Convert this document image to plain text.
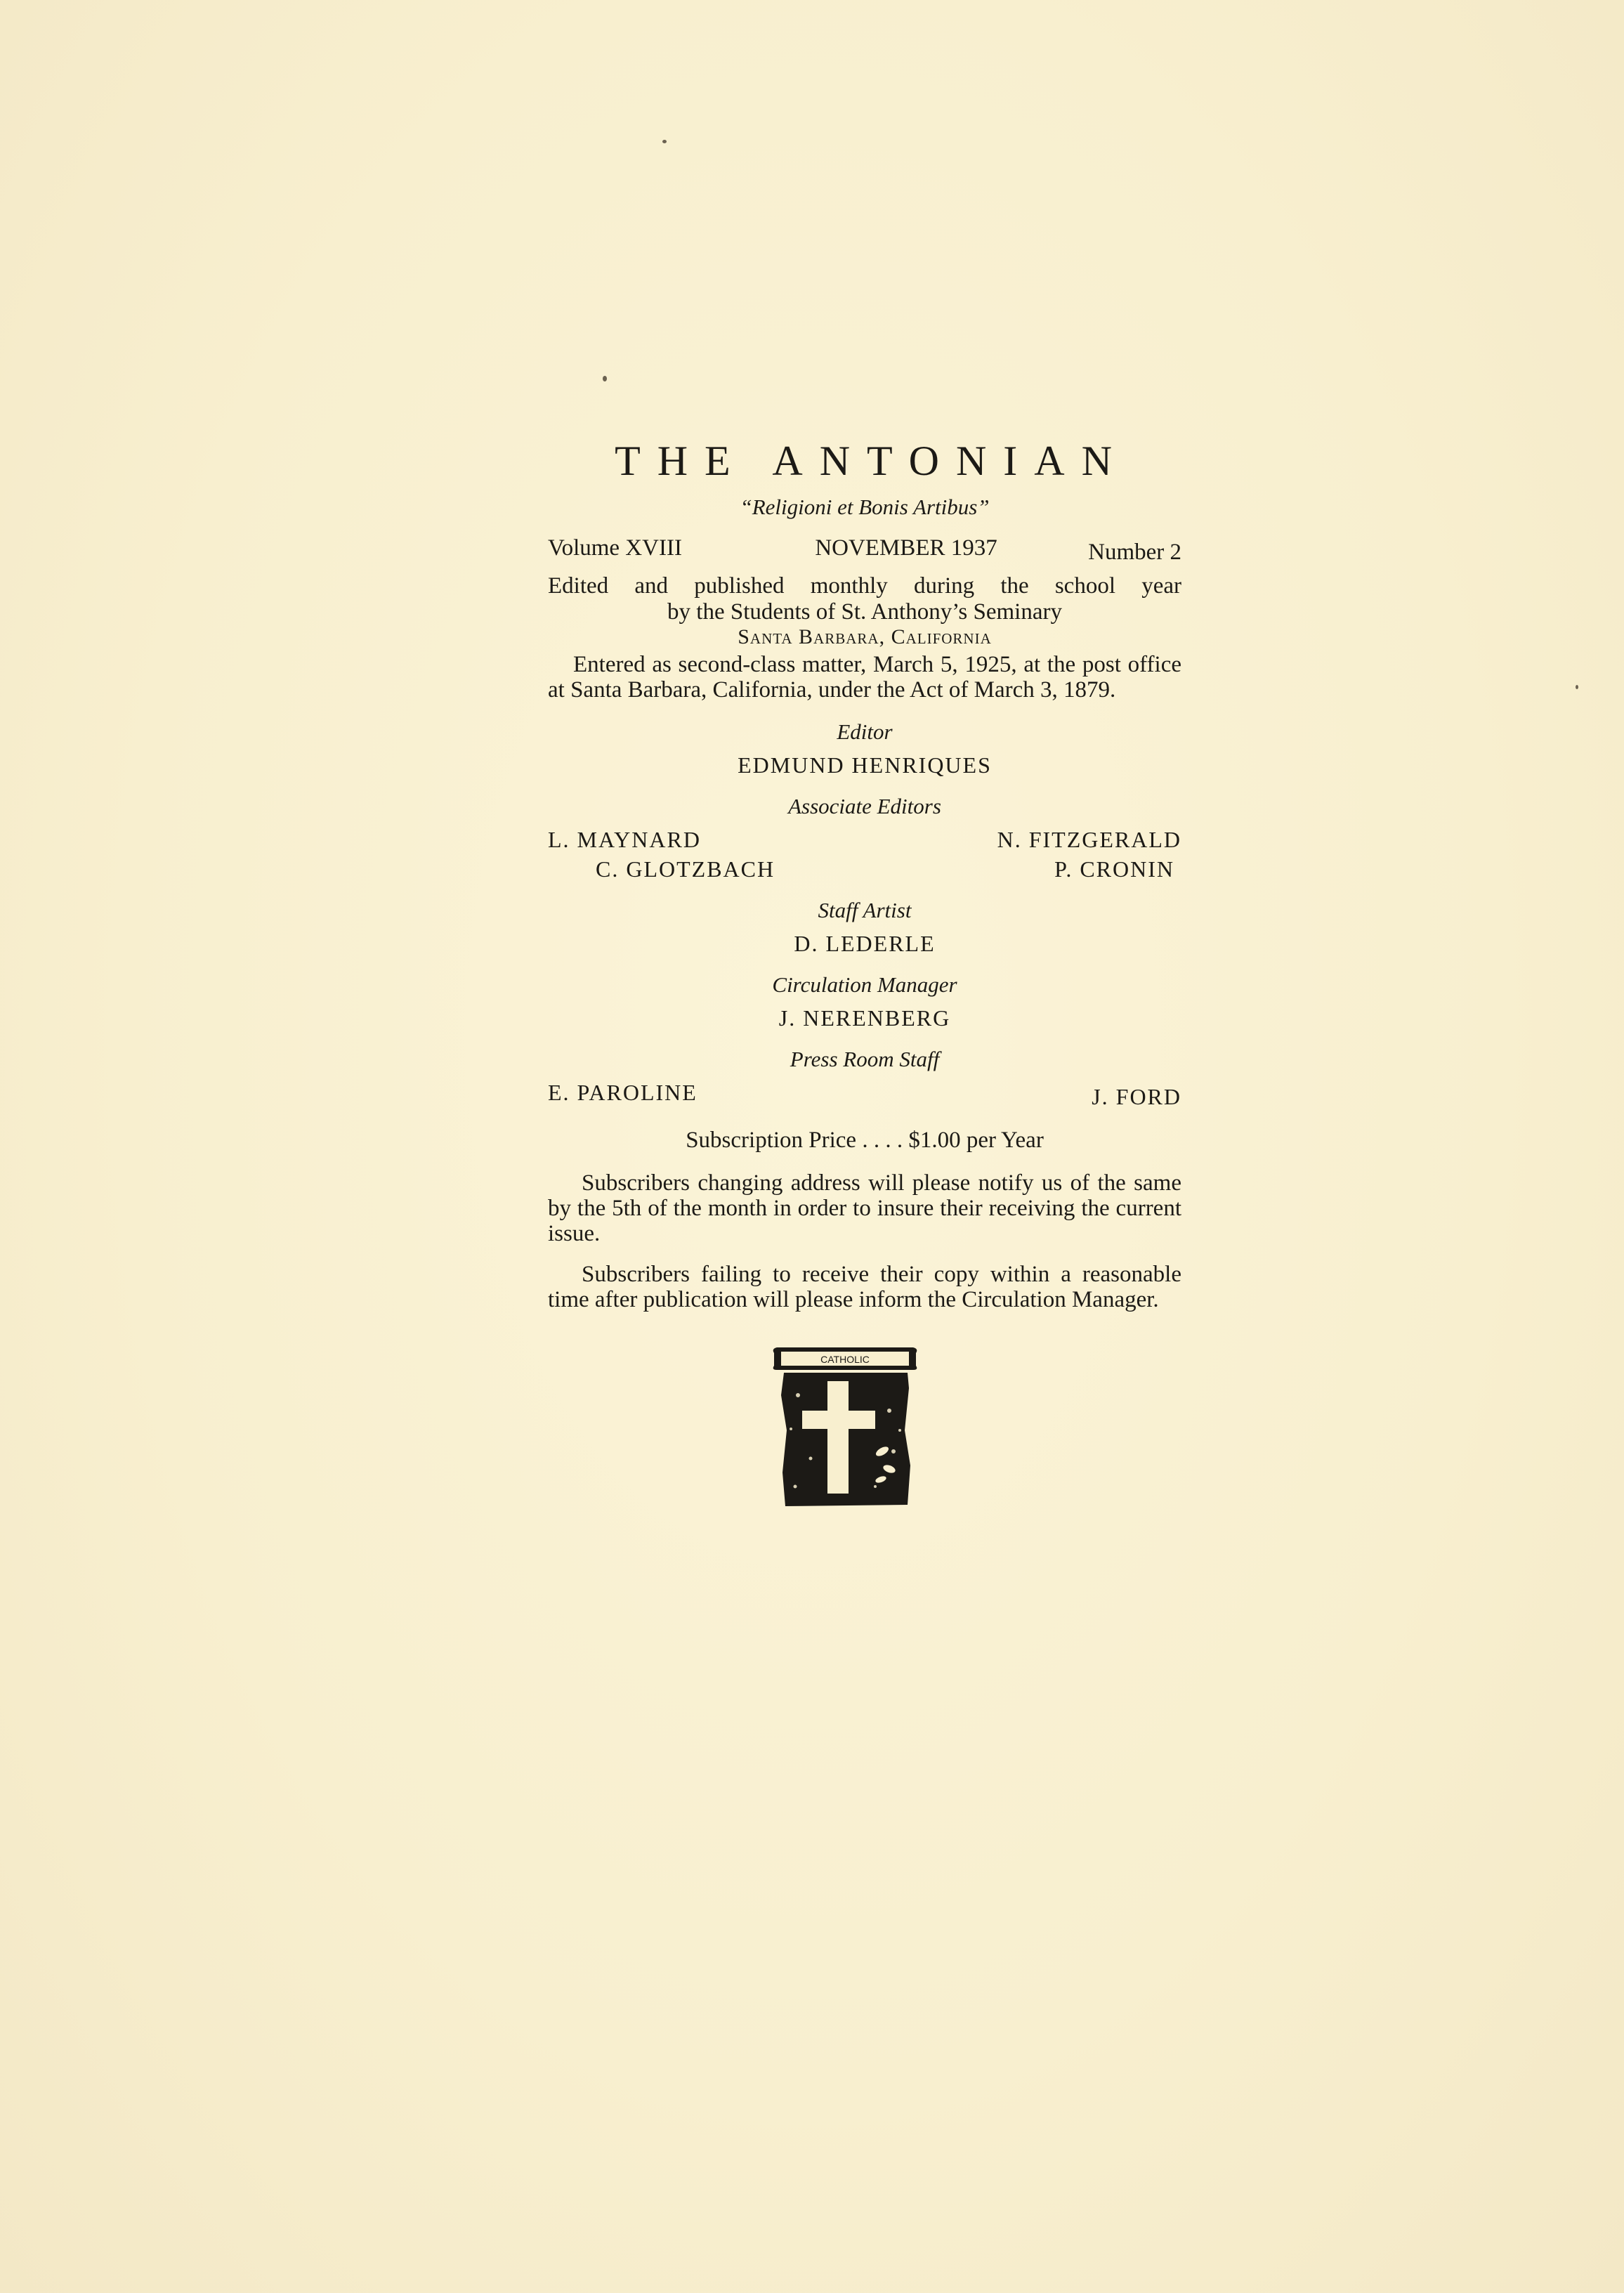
THE ANTONIAN
“Religioni et Bonis Artibus”
Volume XVIII	NOVEMBER 1937	Number 2
Edited and published monthly during the school year
by the Students of St. Anthony’s Seminary
Santa Barbara, California
Entered as second-class matter, March 5, 1925, at the post office at Santa Barbara, California, under the Act of March 3, 1879.
Editor
EDMUND HENRIQUES
Associate Editors
L. MAYNARD	N. FITZGERALD
C. GLOTZBACH	P. CRONIN
Staff Artist
D. LEDERLE
Circulation Manager
J. NERENBERG
Press Room Staff
E. PAROLINE	J. FORD
Subscription Price . . . . $1.00 per Year
Subscribers changing address will please notify us of the same by the 5th of the month in order to insure their receiving the current issue.
Subscribers failing to receive their copy within a reasonable time after publication will please inform the Circulation Manager.
CATHOLIC
